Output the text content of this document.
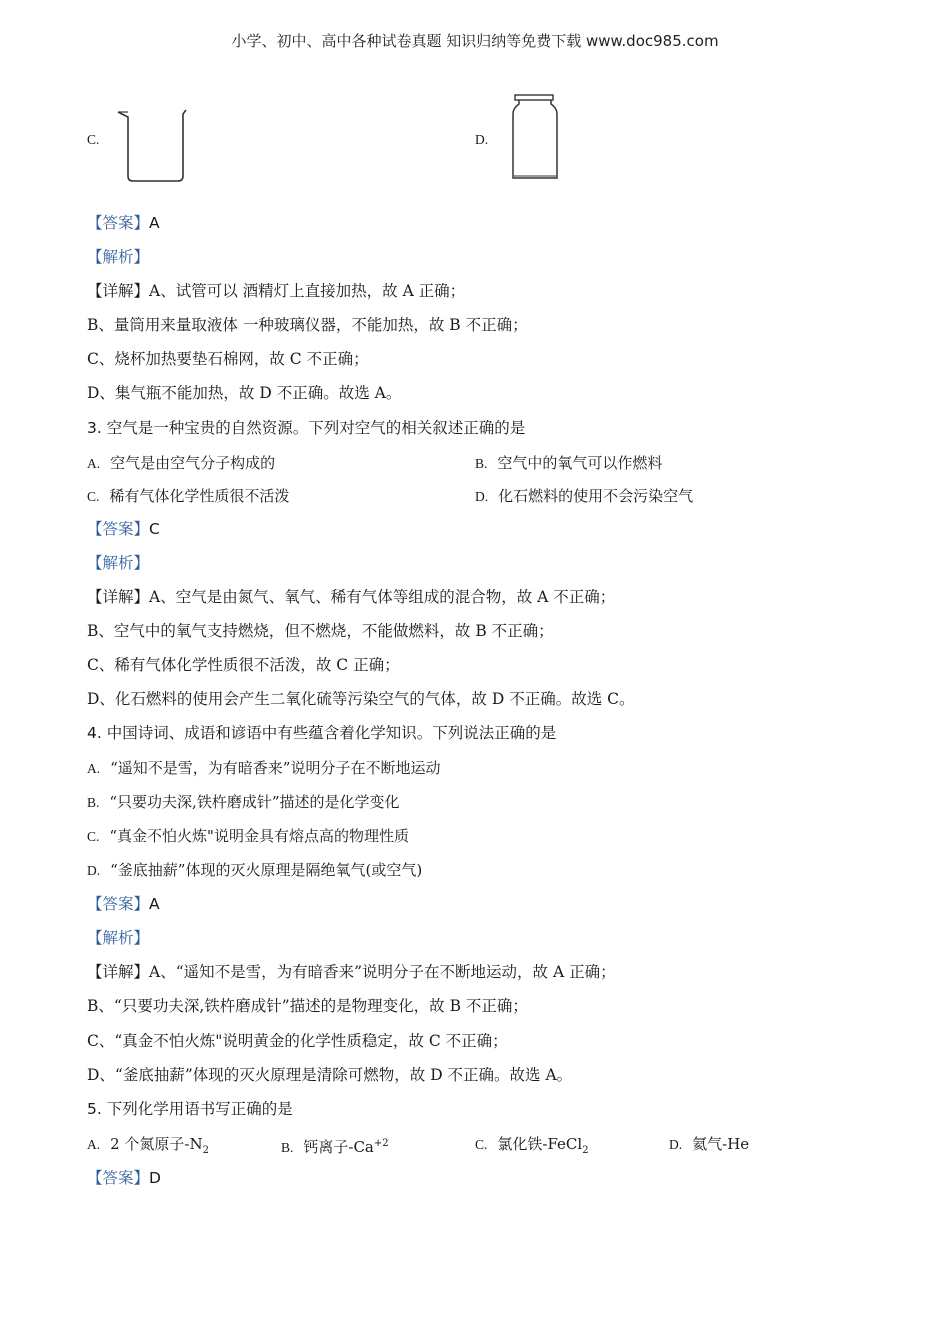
小学、初中、高中各种试卷真题 知识归纳等免费下载 www.doc985.com
C.	D.
【答案】A
【解析】
【详解】A、试管可以 酒精灯上直接加热，故 A 正确；
B、量筒用来量取液体 一种玻璃仪器，不能加热，故 B 不正确；
C、烧杯加热要垫石棉网，故 C 不正确；
D、集气瓶不能加热，故 D 不正确。故选 A。
3. 空气是一种宝贵的自然资源。下列对空气的相关叙述正确的是
A. 空气是由空气分子构成的	B. 空气中的氧气可以作燃料
C. 稀有气体化学性质很不活泼	D. 化石燃料的使用不会污染空气
【答案】C
【解析】
【详解】A、空气是由氮气、氧气、稀有气体等组成的混合物，故 A 不正确；
B、空气中的氧气支持燃烧，但不燃烧，不能做燃料，故 B 不正确；
C、稀有气体化学性质很不活泼，故 C 正确；
D、化石燃料的使用会产生二氧化硫等污染空气的气体，故 D 不正确。故选 C。
4. 中国诗词、成语和谚语中有些蕴含着化学知识。下列说法正确的是
A. “遥知不是雪，为有暗香来”说明分子在不断地运动
B. “只要功夫深,铁杵磨成针”描述的是化学变化
C. “真金不怕火炼"说明金具有熔点高的物理性质
D. “釜底抽薪”体现的灭火原理是隔绝氧气(或空气)
【答案】A
【解析】
【详解】A、“遥知不是雪，为有暗香来”说明分子在不断地运动，故 A 正确；
B、“只要功夫深,铁杵磨成针”描述的是物理变化，故 B 不正确；
C、“真金不怕火炼"说明黄金的化学性质稳定，故 C 不正确；
D、“釜底抽薪”体现的灭火原理是清除可燃物，故 D 不正确。故选 A。
5. 下列化学用语书写正确的是
A. 2 个氮原子$-N_2$	B. 钙离子$-Ca^{+2}$	C. 氯化铁-FeCl$_2$	D. 氦气-He
【答案】D
